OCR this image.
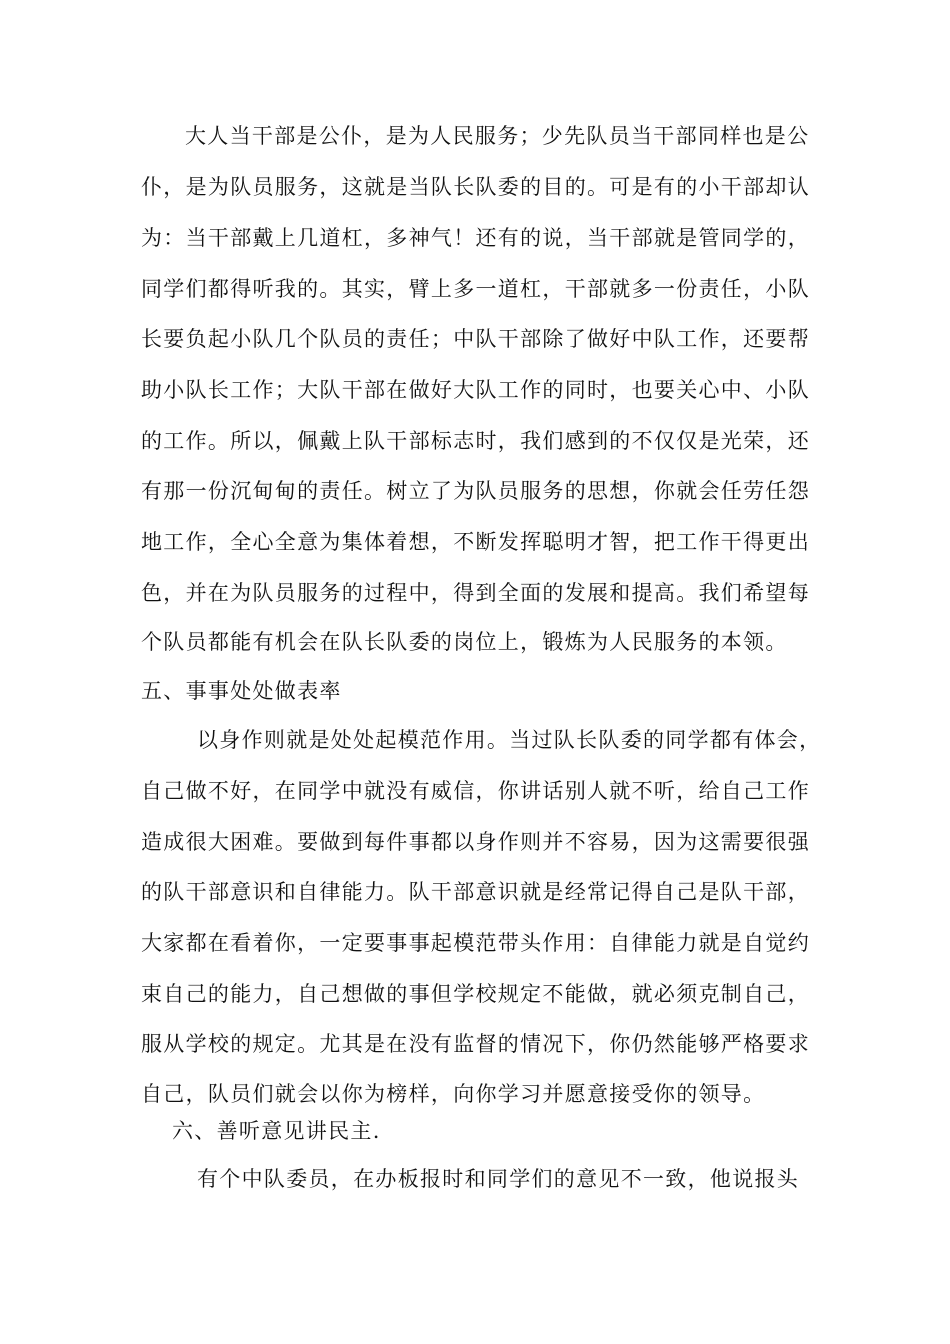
大人当干部是公仆，是为人民服务；少先队员当干部同样也是公
仆，是为队员服务，这就是当队长队委的目的。可是有的小干部却认
为：当干部戴上几道杠，多神气！还有的说，当干部就是管同学的，
同学们都得听我的。其实，臂上多一道杠，干部就多一份责任，小队
长要负起小队几个队员的责任；中队干部除了做好中队工作，还要帮
助小队长工作；大队干部在做好大队工作的同时，也要关心中、小队
的工作。所以，佩戴上队干部标志时，我们感到的不仅仅是光荣，还
有那一份沉甸甸的责任。树立了为队员服务的思想，你就会任劳任怨
地工作，全心全意为集体着想，不断发挥聪明才智，把工作干得更出
色，并在为队员服务的过程中，得到全面的发展和提高。我们希望每
个队员都能有机会在队长队委的岗位上，锻炼为人民服务的本领。
五、事事处处做表率
以身作则就是处处起模范作用。当过队长队委的同学都有体会，
自己做不好，在同学中就没有威信，你讲话别人就不听，给自己工作
造成很大困难。要做到每件事都以身作则并不容易，因为这需要很强
的队干部意识和自律能力。队干部意识就是经常记得自己是队干部，
大家都在看着你，一定要事事起模范带头作用：自律能力就是自觉约
束自己的能力，自己想做的事但学校规定不能做，就必须克制自己，
服从学校的规定。尤其是在没有监督的情况下，你仍然能够严格要求
自己，队员们就会以你为榜样，向你学习并愿意接受你的领导。
六、善听意见讲民主.
有个中队委员，在办板报时和同学们的意见不一致，他说报头
